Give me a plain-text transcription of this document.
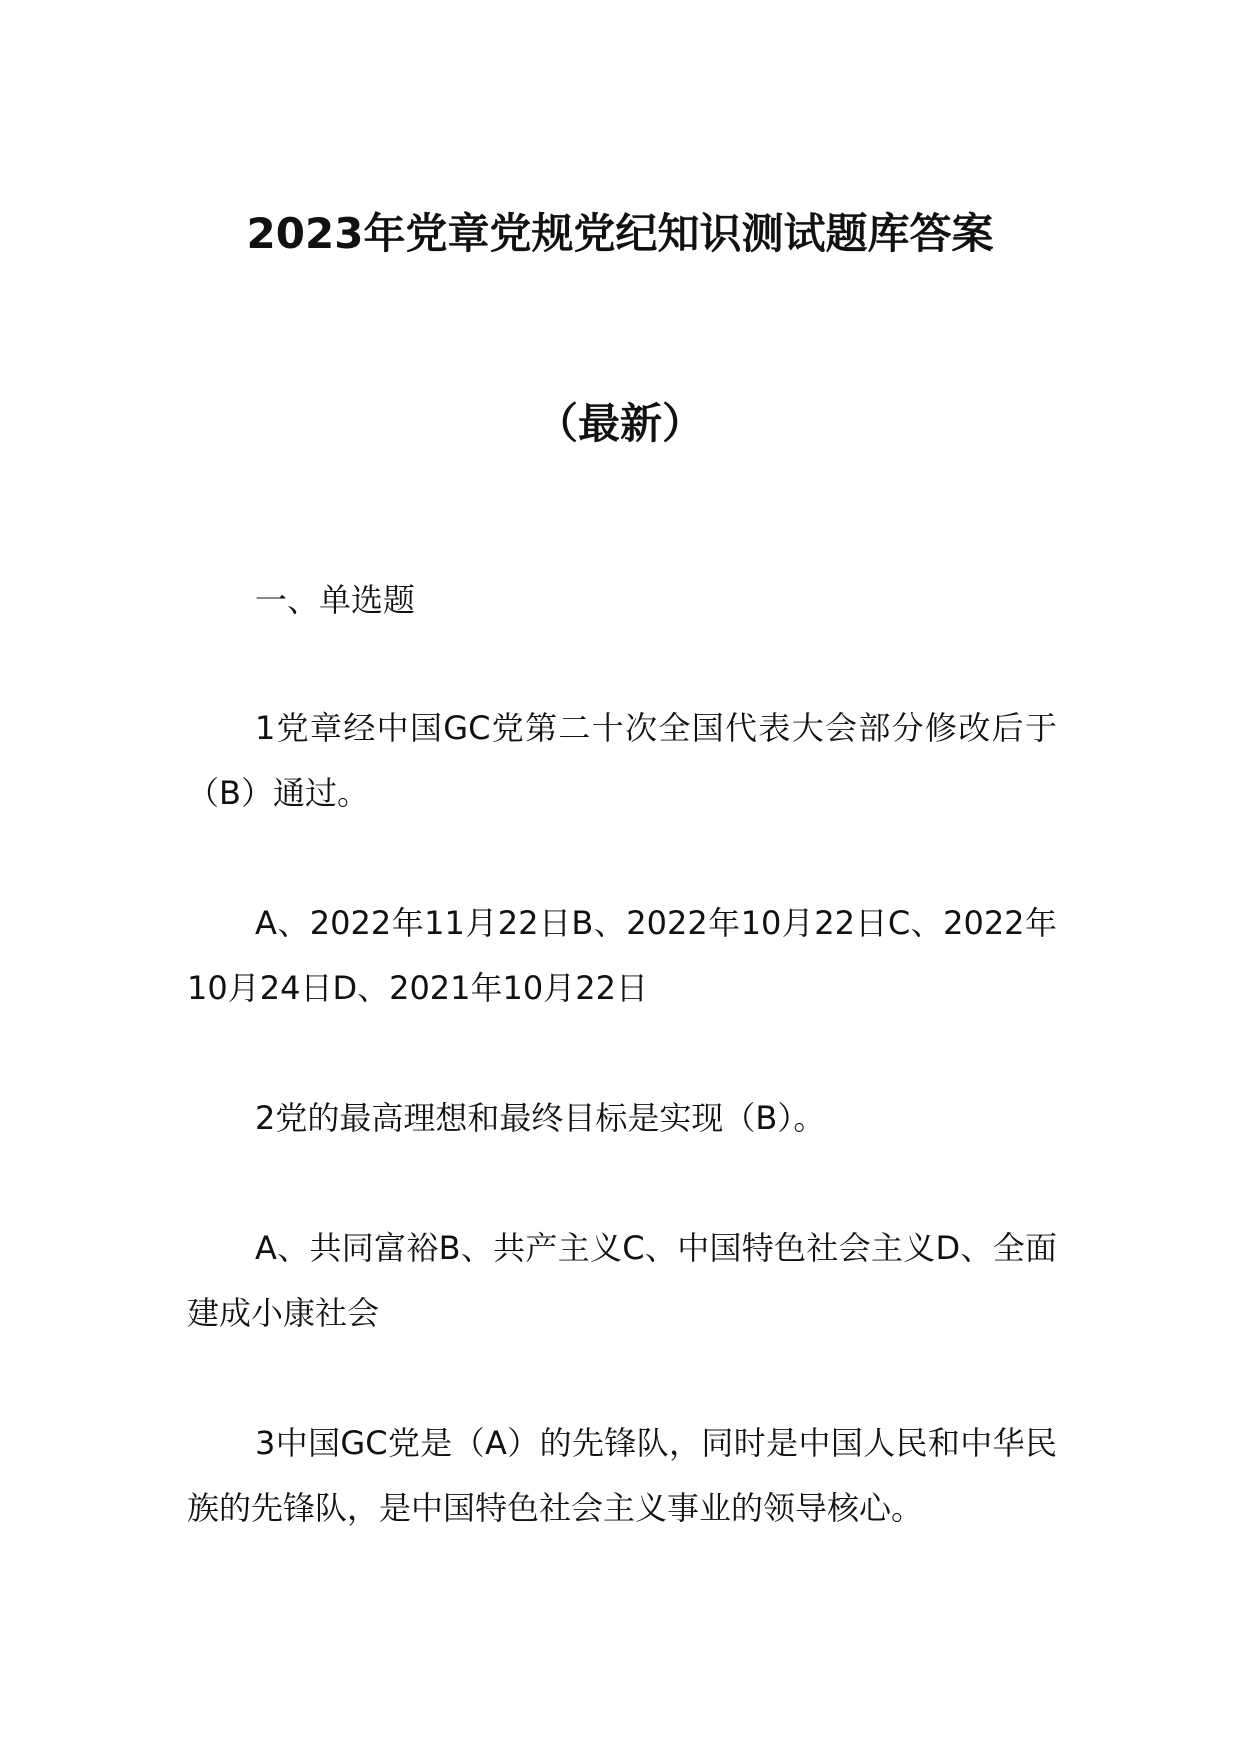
2023年党章党规党纪知识测试题库答案
（最新）
一、单选题
1党章经中国GC党第二十次全国代表大会部分修改后于（B）通过。
A、2022年11月22日B、2022年10月22日C、2022年10月24日D、2021年10月22日
2党的最高理想和最终目标是实现（B）。
A、共同富裕B、共产主义C、中国特色社会主义D、全面建成小康社会
3中国GC党是（A）的先锋队，同时是中国人民和中华民族的先锋队，是中国特色社会主义事业的领导核心。
